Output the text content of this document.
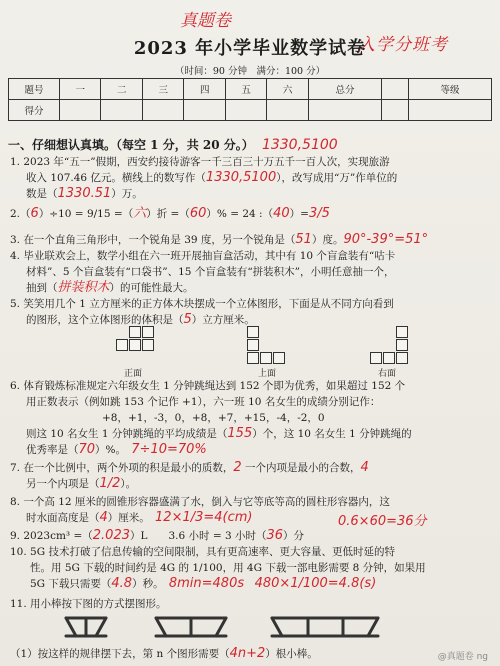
真题卷
2023 年小学毕业数学试卷
入学分班考
（时间：90 分钟　满分：100 分）
题号	一	二	三	四	五	六	总分		等级
得分									
一、仔细想认真填。（每空 1 分，共 20 分。） 1330,5100
1. 2023 年“五一”假期，西安约接待游客一千三百三十万五千一百人次，实现旅游
收入 107.46 亿元。横线上的数写作（1330,5100），改写成用“万”作单位的
数是（1330.51）万。
2.（6）÷10 = 9/15 =（六）折 =（60）% = 24 :（40）=3/5
3. 在一个直角三角形中，一个锐角是 39 度，另一个锐角是（51）度。90°-39°=51°
4. 毕业联欢会上，数学小组在六一班开展抽盲盒活动，其中有 10 个盲盒装有“咕卡
材料”、5 个盲盒装有“口袋书”、15 个盲盒装有“拼装积木”，小明任意抽一个，
抽到（拼装积木）的可能性最大。
5. 笑笑用几个 1 立方厘米的正方体木块摆成一个立体图形，下面是从不同方向看到
的图形，这个立体图形的体积是（5）立方厘米。
正面	上面	右面
6. 体育锻炼标准规定六年级女生 1 分钟跳绳达到 152 个即为优秀，如果超过 152 个
用正数表示（例如跳 153 个记作 +1），六一班 10 名女生的成绩分别记作：
+8，+1，-3，0，+8，+7，+15，-4，-2，0
则这 10 名女生 1 分钟跳绳的平均成绩是（155）个，这 10 名女生 1 分钟跳绳的
优秀率是（70）%。　 7÷10=70%
7. 在一个比例中，两个外项的积是最小的质数，2 一个内项是最小的合数，4
另一个内项是（1/2）。
8. 一个高 12 厘米的圆锥形容器盛满了水，倒入与它等底等高的圆柱形容器内，这
时水面高度是（4）厘米。　 12×1/3=4(cm)
9. 2023cm³ =（2.023）L　　3.6 小时 = 3 小时（36）分
0.6×60=36分
10. 5G 技术打破了信息传输的空间限制，具有更高速率、更大容量、更低时延的特
性。用 5G 下载的时间约是 4G 的 1/100，用 4G 下载一部电影需要 8 分钟，如果用
5G 下载只需要（4.8）秒。　 8min=480s　 480×1/100=4.8(s)
11. 用小棒按下图的方式摆图形。
（1）按这样的规律摆下去，第 n 个图形需要（4n+2）根小棒。	@真题卷 ng
